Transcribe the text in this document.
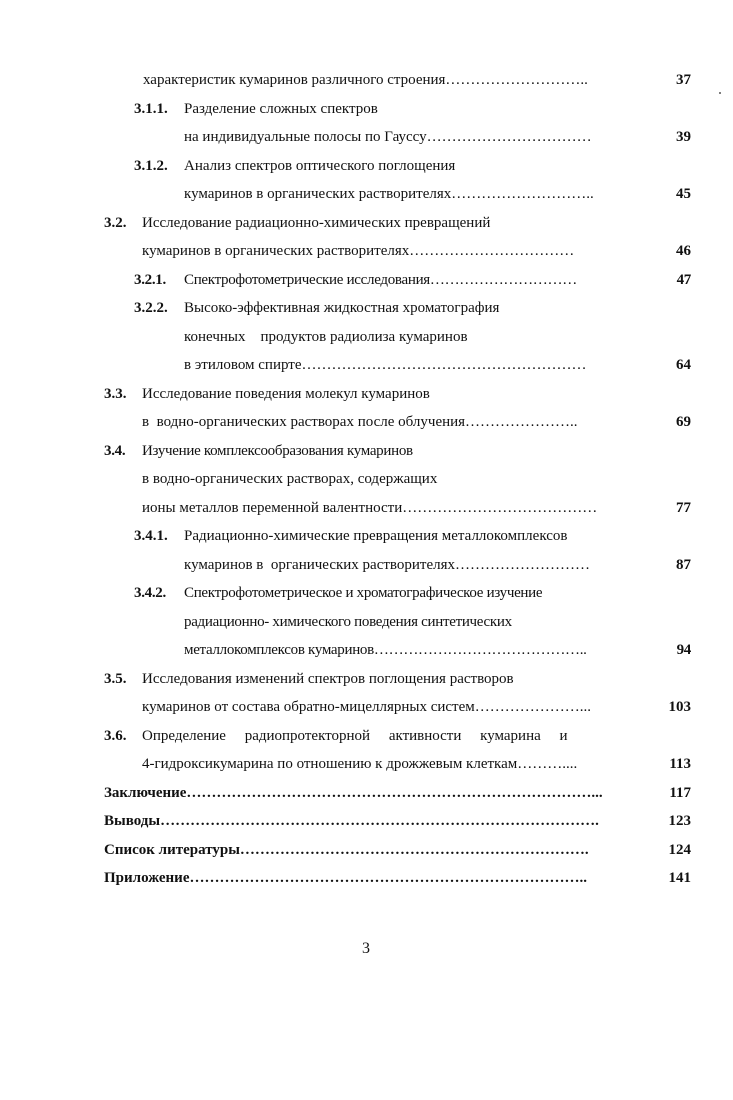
характеристик кумаринов различного строения………………………..	37
3.1.1. Разделение сложных спектров
на индивидуальные полосы по Гауссу……………………………	39
3.1.2. Анализ спектров оптического поглощения
кумаринов в органических растворителях………………………..	45
3.2. Исследование радиационно-химических превращений
кумаринов в органических растворителях……………………………	46
3.2.1. Спектрофотометрические исследования…………………………	47
3.2.2. Высоко-эффективная жидкостная хроматография
конечных    продуктов радиолиза кумаринов
в этиловом спирте…………………………………………………	64
3.3. Исследование поведения молекул кумаринов
в  водно-органических растворах после облучения…………………..	69
3.4. Изучение комплексообразования кумаринов
в водно-органических растворах, содержащих
ионы металлов переменной валентности…………………………………	77
3.4.1. Радиационно-химические превращения металлокомплексов
кумаринов в  органических растворителях………………………	87
3.4.2. Спектрофотометрическое и хроматографическое изучение
радиационно- химического поведения синтетических
металлокомплексов кумаринов……………………………………..	94
3.5. Исследования изменений спектров поглощения растворов
кумаринов от состава обратно-мицеллярных систем…………………...	103
3.6. Определение     радиопротекторной     активности     кумарина     и
4-гидроксикумарина по отношению к дрожжевым клеткам………....	113
Заключение………………………………………………………………………...	117
Выводы…………………………………………………………………………….	123
Список литературы…………………………………………………………….	124
Приложение……………………………………………………………………..	141
3
